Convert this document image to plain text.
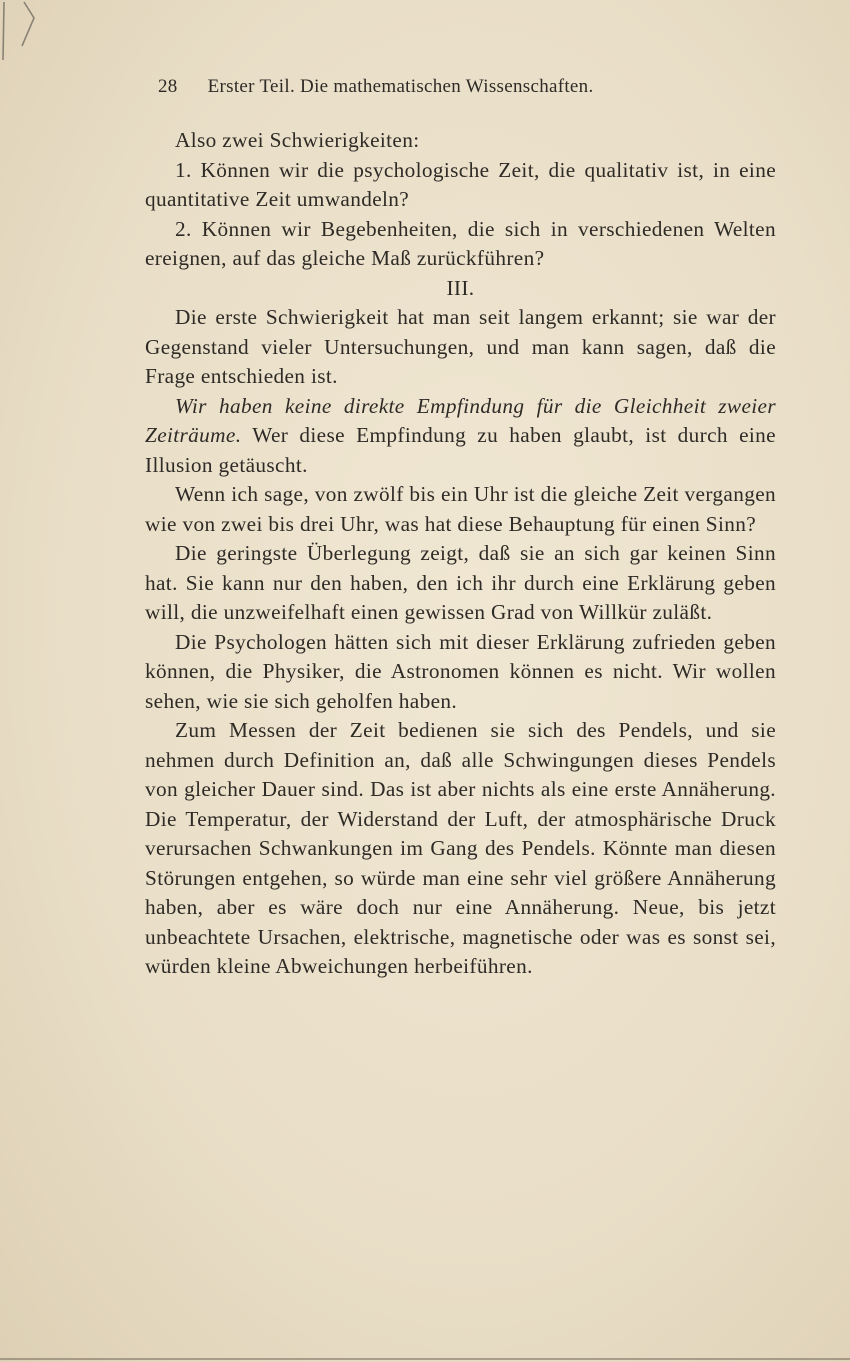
28 Erster Teil. Die mathematischen Wissenschaften.

Also zwei Schwierigkeiten:

1. Können wir die psychologische Zeit, die qualitativ ist, in eine quantitative Zeit umwandeln?

2. Können wir Begebenheiten, die sich in verschiedenen Welten ereignen, auf das gleiche Maß zurückführen?

III.

Die erste Schwierigkeit hat man seit langem erkannt; sie war der Gegenstand vieler Untersuchungen, und man kann sagen, daß die Frage entschieden ist.

Wir haben keine direkte Empfindung für die Gleichheit zweier Zeiträume. Wer diese Empfindung zu haben glaubt, ist durch eine Illusion getäuscht.

Wenn ich sage, von zwölf bis ein Uhr ist die gleiche Zeit vergangen wie von zwei bis drei Uhr, was hat diese Behauptung für einen Sinn?

Die geringste Überlegung zeigt, daß sie an sich gar keinen Sinn hat. Sie kann nur den haben, den ich ihr durch eine Erklärung geben will, die unzweifelhaft einen gewissen Grad von Willkür zuläßt.

Die Psychologen hätten sich mit dieser Erklärung zufrieden geben können, die Physiker, die Astronomen können es nicht. Wir wollen sehen, wie sie sich geholfen haben.

Zum Messen der Zeit bedienen sie sich des Pendels, und sie nehmen durch Definition an, daß alle Schwingungen dieses Pendels von gleicher Dauer sind. Das ist aber nichts als eine erste Annäherung. Die Temperatur, der Widerstand der Luft, der atmosphärische Druck verursachen Schwankungen im Gang des Pendels. Könnte man diesen Störungen entgehen, so würde man eine sehr viel größere Annäherung haben, aber es wäre doch nur eine Annäherung. Neue, bis jetzt unbeachtete Ursachen, elektrische, magnetische oder was es sonst sei, würden kleine Abweichungen herbeiführen.
